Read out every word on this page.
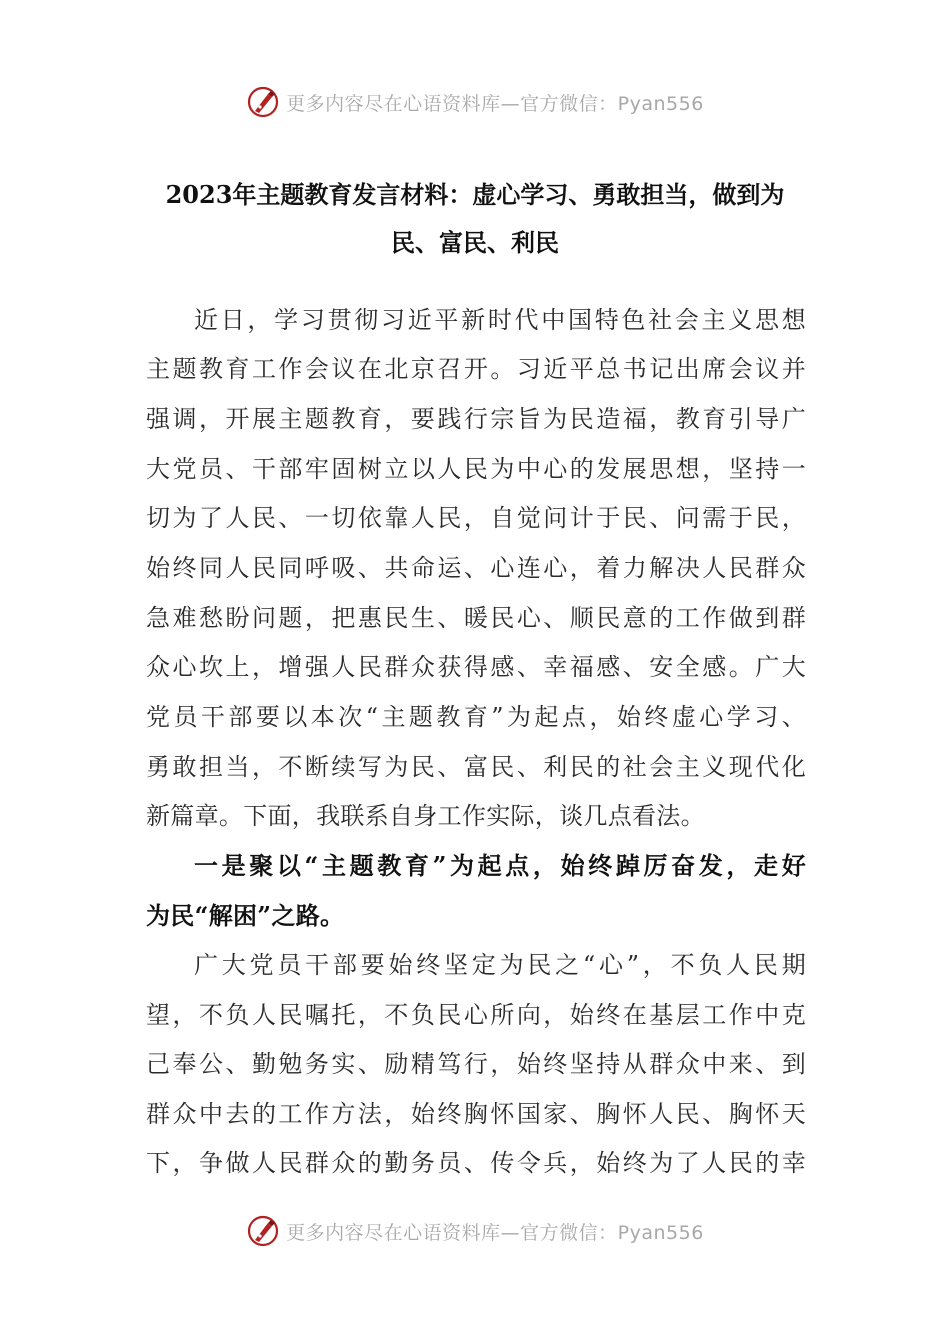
更多内容尽在心语资料库—官方微信：Pyan556
2023年主题教育发言材料：虚心学习、勇敢担当，做到为
民、富民、利民
近日，学习贯彻习近平新时代中国特色社会主义思想
主题教育工作会议在北京召开。习近平总书记出席会议并
强调，开展主题教育，要践行宗旨为民造福，教育引导广
大党员、干部牢固树立以人民为中心的发展思想，坚持一
切为了人民、一切依靠人民，自觉问计于民、问需于民，
始终同人民同呼吸、共命运、心连心，着力解决人民群众
急难愁盼问题，把惠民生、暖民心、顺民意的工作做到群
众心坎上，增强人民群众获得感、幸福感、安全感。广大
党员干部要以本次“主题教育”为起点，始终虚心学习、
勇敢担当，不断续写为民、富民、利民的社会主义现代化
新篇章。下面，我联系自身工作实际，谈几点看法。
一是聚以“主题教育”为起点，始终踔厉奋发，走好
为民“解困”之路。
广大党员干部要始终坚定为民之“心”，不负人民期
望，不负人民嘱托，不负民心所向，始终在基层工作中克
己奉公、勤勉务实、励精笃行，始终坚持从群众中来、到
群众中去的工作方法，始终胸怀国家、胸怀人民、胸怀天
下，争做人民群众的勤务员、传令兵，始终为了人民的幸
更多内容尽在心语资料库—官方微信：Pyan556
